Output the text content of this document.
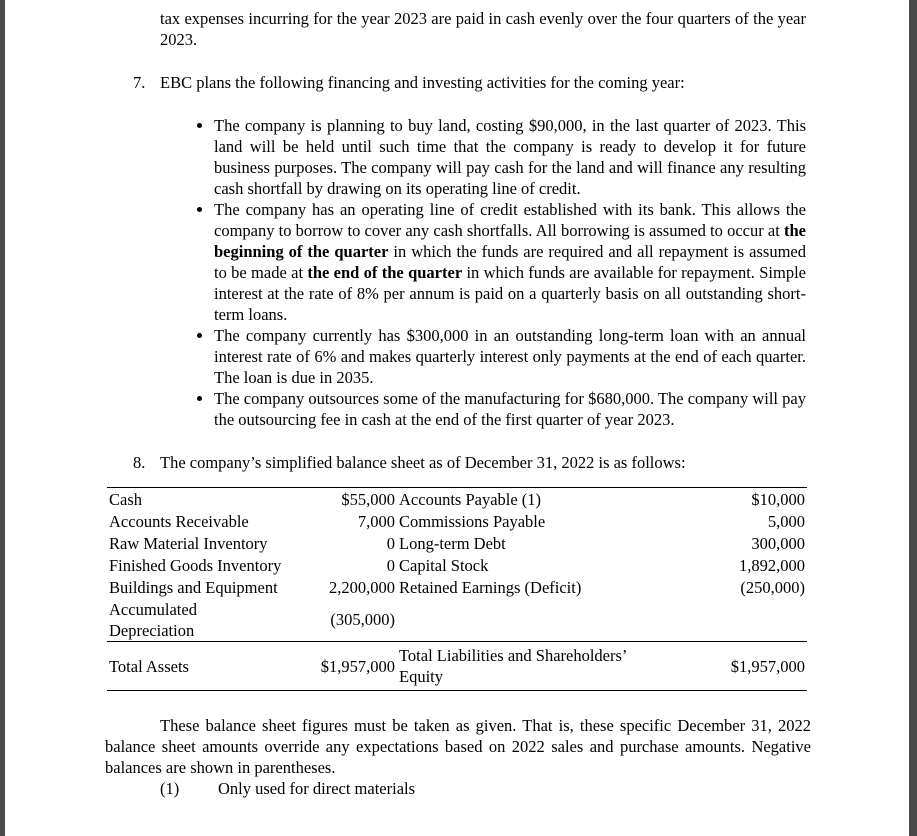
tax expenses incurring for the year 2023 are paid in cash evenly over the four quarters of the year 2023.

7. EBC plans the following financing and investing activities for the coming year:
• The company is planning to buy land, costing $90,000, in the last quarter of 2023. This land will be held until such time that the company is ready to develop it for future business purposes. The company will pay cash for the land and will finance any resulting cash shortfall by drawing on its operating line of credit.
• The company has an operating line of credit established with its bank. This allows the company to borrow to cover any cash shortfalls. All borrowing is assumed to occur at the beginning of the quarter in which the funds are required and all repayment is assumed to be made at the end of the quarter in which funds are available for repayment. Simple interest at the rate of 8% per annum is paid on a quarterly basis on all outstanding short-term loans.
• The company currently has $300,000 in an outstanding long-term loan with an annual interest rate of 6% and makes quarterly interest only payments at the end of each quarter. The loan is due in 2035.
• The company outsources some of the manufacturing for $680,000. The company will pay the outsourcing fee in cash at the end of the first quarter of year 2023.
8. The company’s simplified balance sheet as of December 31, 2022 is as follows:
Cash	$55,000	Accounts Payable (1)	$10,000
Accounts Receivable	7,000	Commissions Payable	5,000
Raw Material Inventory	0	Long-term Debt	300,000
Finished Goods Inventory	0	Capital Stock	1,892,000
Buildings and Equipment	2,200,000	Retained Earnings (Deficit)	(250,000)
Accumulated Depreciation	(305,000)		
Total Assets	$1,957,000	Total Liabilities and Shareholders’ Equity	$1,957,000

These balance sheet figures must be taken as given. That is, these specific December 31, 2022 balance sheet amounts override any expectations based on 2022 sales and purchase amounts. Negative balances are shown in parentheses.

(1) Only used for direct materials
